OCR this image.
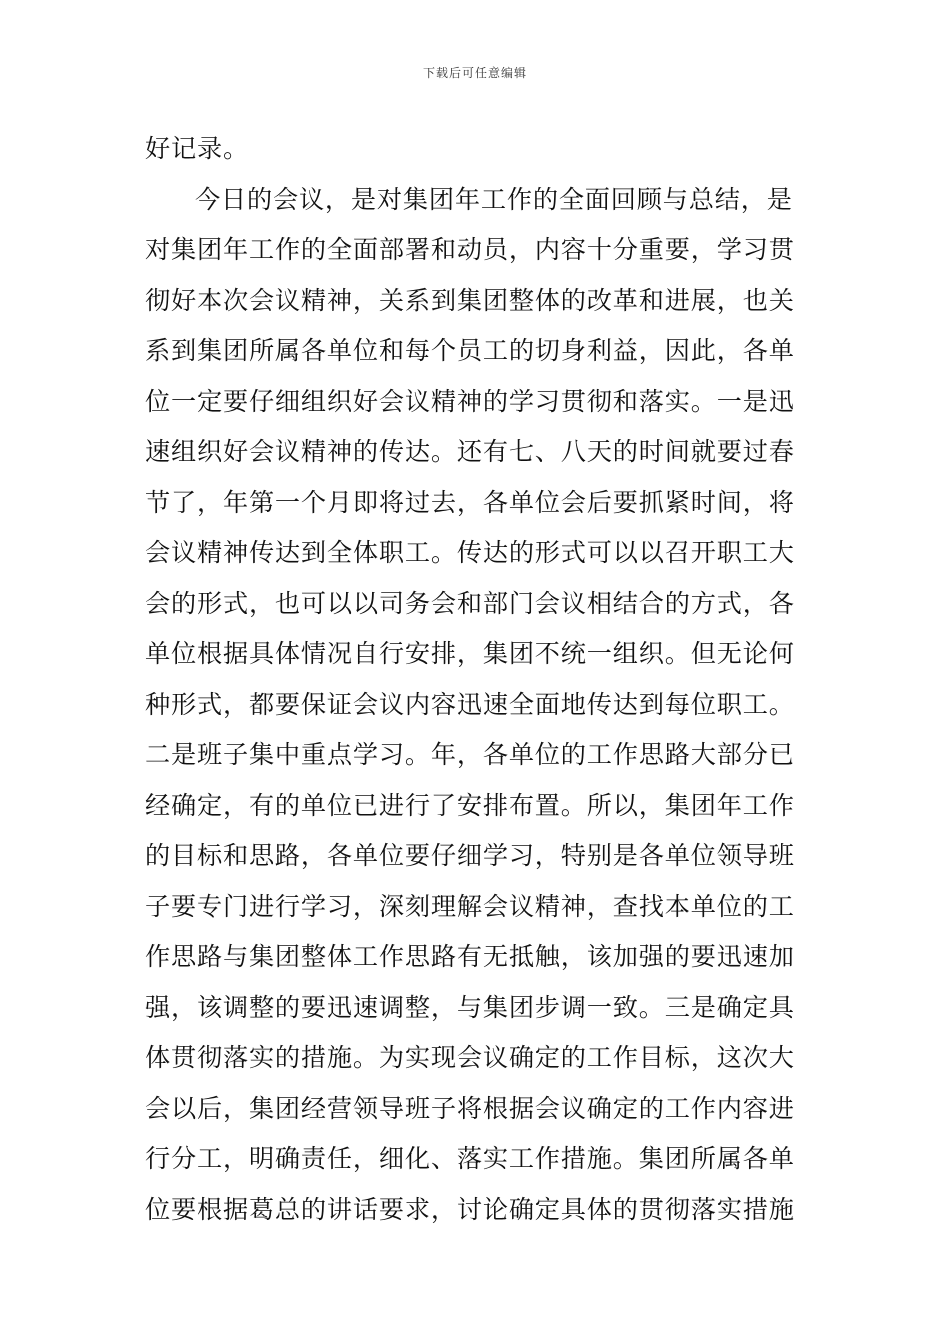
下载后可任意编辑
好记录。
今日的会议，是对集团年工作的全面回顾与总结，是
对集团年工作的全面部署和动员，内容十分重要，学习贯
彻好本次会议精神，关系到集团整体的改革和进展，也关
系到集团所属各单位和每个员工的切身利益，因此，各单
位一定要仔细组织好会议精神的学习贯彻和落实。一是迅
速组织好会议精神的传达。还有七、八天的时间就要过春
节了，年第一个月即将过去，各单位会后要抓紧时间，将
会议精神传达到全体职工。传达的形式可以以召开职工大
会的形式，也可以以司务会和部门会议相结合的方式，各
单位根据具体情况自行安排，集团不统一组织。但无论何
种形式，都要保证会议内容迅速全面地传达到每位职工。
二是班子集中重点学习。年，各单位的工作思路大部分已
经确定，有的单位已进行了安排布置。所以，集团年工作
的目标和思路，各单位要仔细学习，特别是各单位领导班
子要专门进行学习，深刻理解会议精神，查找本单位的工
作思路与集团整体工作思路有无抵触，该加强的要迅速加
强，该调整的要迅速调整，与集团步调一致。三是确定具
体贯彻落实的措施。为实现会议确定的工作目标，这次大
会以后，集团经营领导班子将根据会议确定的工作内容进
行分工，明确责任，细化、落实工作措施。集团所属各单
位要根据葛总的讲话要求，讨论确定具体的贯彻落实措施
